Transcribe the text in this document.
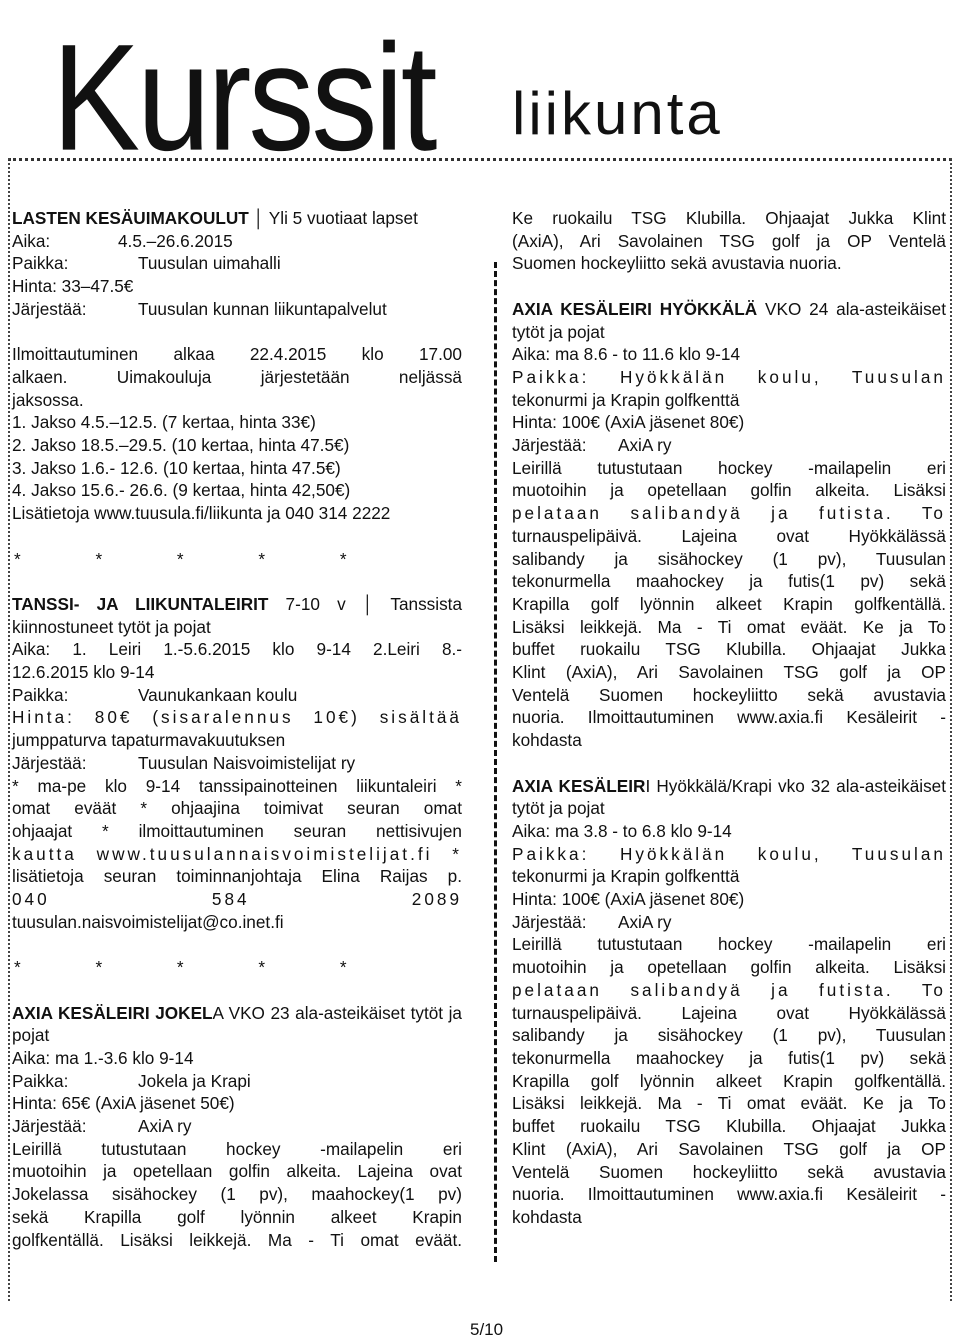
Kurssit liikunta
LASTEN KESÄUIMAKOULUT │ Yli 5 vuotiaat lapset
Aika:	4.5.–26.6.2015
Paikka:	Tuusulan uimahalli
Hinta: 33–47.5€
Järjestää:	Tuusulan kunnan liikuntapalvelut
Ilmoittautuminen alkaa 22.4.2015 klo 17.00
alkaen. Uimakouluja järjestetään neljässä
jaksossa.
1. Jakso 4.5.–12.5. (7 kertaa, hinta 33€)
2. Jakso 18.5.–29.5. (10 kertaa, hinta 47.5€)
3. Jakso 1.6.- 12.6. (10 kertaa, hinta 47.5€)
4. Jakso 15.6.- 26.6. (9 kertaa, hinta 42,50€)
Lisätietoja www.tuusula.fi/liikunta ja 040 314 2222
* * * * *
TANSSI- JA LIIKUNTALEIRIT 7-10 v │ Tanssista kiinnostuneet tytöt ja pojat
Aika: 1. Leiri 1.-5.6.2015 klo 9-14 2.Leiri 8.-
12.6.2015 klo 9-14
Paikka:	Vaunukankaan koulu
Hinta: 80€ (sisaralennus 10€) sisältää
jumppaturva tapaturmavakuutuksen
Järjestää:	Tuusulan Naisvoimistelijat ry
* ma-pe klo 9-14 tanssipainotteinen liikuntaleiri *
omat eväät * ohjaajina toimivat seuran omat
ohjaajat * ilmoittautuminen seuran nettisivujen
kautta www.tuusulannaisvoimistelijat.fi *
lisätietoja seuran toiminnanjohtaja Elina Raijas p.
040 584 2089
tuusulan.naisvoimistelijat@co.inet.fi
* * * * *
AXIA KESÄLEIRI JOKELA VKO 23 ala-asteikäiset tytöt ja pojat
Aika: ma 1.-3.6 klo 9-14
Paikka:	Jokela ja Krapi
Hinta: 65€ (AxiA jäsenet 50€)
Järjestää:	AxiA ry
Leirillä tutustutaan hockey -mailapelin eri
muotoihin ja opetellaan golfin alkeita. Lajeina ovat
Jokelassa sisähockey (1 pv), maahockey(1 pv)
sekä Krapilla golf lyönnin alkeet Krapin
golfkentällä. Lisäksi leikkejä. Ma - Ti omat eväät.
Ke ruokailu TSG Klubilla. Ohjaajat Jukka Klint
(AxiA), Ari Savolainen TSG golf ja OP Ventelä
Suomen hockeyliitto sekä avustavia nuoria.
AXIA KESÄLEIRI HYÖKKÄLÄ VKO 24 ala-asteikäiset tytöt ja pojat
Aika: ma 8.6 - to 11.6 klo 9-14
Paikka: Hyökkälän koulu, Tuusulan
tekonurmi ja Krapin golfkenttä
Hinta: 100€ (AxiA jäsenet 80€)
Järjestää: AxiA ry
Leirillä tutustutaan hockey -mailapelin eri
muotoihin ja opetellaan golfin alkeita. Lisäksi
pelataan salibandyä ja futista. To
turnauspelipäivä. Lajeina ovat Hyökkälässä
salibandy ja sisähockey (1 pv), Tuusulan
tekonurmella maahockey ja futis(1 pv) sekä
Krapilla golf lyönnin alkeet Krapin golfkentällä.
Lisäksi leikkejä. Ma - Ti omat eväät. Ke ja To
buffet ruokailu TSG Klubilla. Ohjaajat Jukka
Klint (AxiA), Ari Savolainen TSG golf ja OP
Ventelä Suomen hockeyliitto sekä avustavia
nuoria. Ilmoittautuminen www.axia.fi Kesäleirit -
kohdasta
AXIA KESÄLEIRI Hyökkälä/Krapi vko 32 ala-asteikäiset tytöt ja pojat
Aika: ma 3.8 - to 6.8 klo 9-14
Paikka: Hyökkälän koulu, Tuusulan
tekonurmi ja Krapin golfkenttä
Hinta: 100€ (AxiA jäsenet 80€)
Järjestää: AxiA ry
Leirillä tutustutaan hockey -mailapelin eri
muotoihin ja opetellaan golfin alkeita. Lisäksi
pelataan salibandyä ja futista. To
turnauspelipäivä. Lajeina ovat Hyökkälässä
salibandy ja sisähockey (1 pv), Tuusulan
tekonurmella maahockey ja futis(1 pv) sekä
Krapilla golf lyönnin alkeet Krapin golfkentällä.
Lisäksi leikkejä. Ma - Ti omat eväät. Ke ja To
buffet ruokailu TSG Klubilla. Ohjaajat Jukka
Klint (AxiA), Ari Savolainen TSG golf ja OP
Ventelä Suomen hockeyliitto sekä avustavia
nuoria. Ilmoittautuminen www.axia.fi Kesäleirit -
kohdasta
5/10
